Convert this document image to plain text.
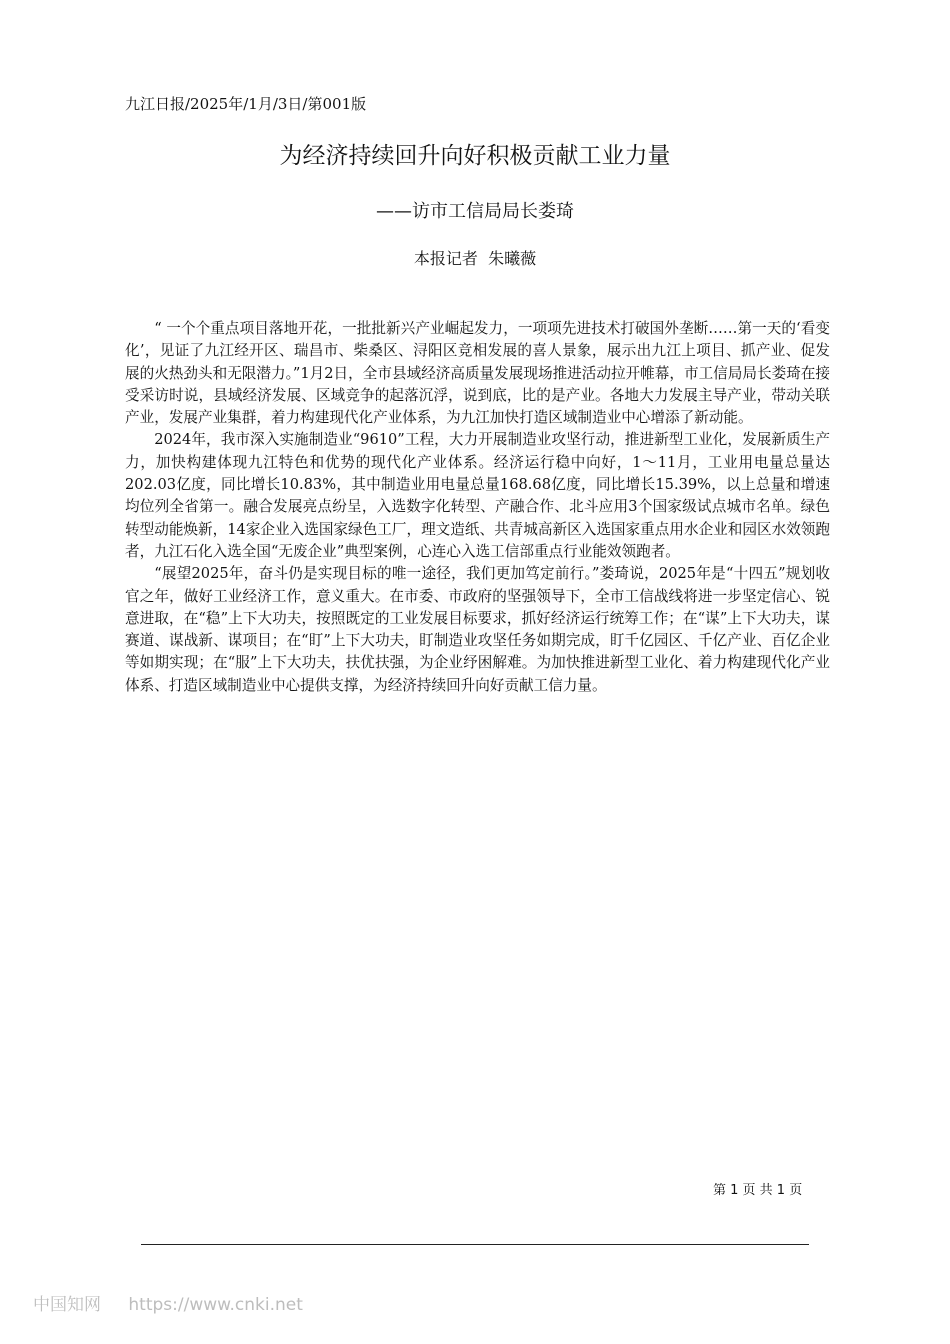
九江日报/2025年/1月/3日/第001版
为经济持续回升向好积极贡献工业力量
——访市工信局局长娄琦
本报记者  朱曦薇

“ 一个个重点项目落地开花，一批批新兴产业崛起发力，一项项先进技术打破国外垄断……第一天的‘看变化’，见证了九江经开区、瑞昌市、柴桑区、浔阳区竞相发展的喜人景象，展示出九江上项目、抓产业、促发展的火热劲头和无限潜力。”1月2日，全市县域经济高质量发展现场推进活动拉开帷幕，市工信局局长娄琦在接受采访时说，县域经济发展、区域竞争的起落沉浮，说到底，比的是产业。各地大力发展主导产业，带动关联产业，发展产业集群，着力构建现代化产业体系，为九江加快打造区域制造业中心增添了新动能。

2024年，我市深入实施制造业“9610”工程，大力开展制造业攻坚行动，推进新型工业化，发展新质生产力，加快构建体现九江特色和优势的现代化产业体系。经济运行稳中向好，1～11月，工业用电量总量达202.03亿度，同比增长10.83%，其中制造业用电量总量168.68亿度，同比增长15.39%，以上总量和增速均位列全省第一。融合发展亮点纷呈，入选数字化转型、产融合作、北斗应用3个国家级试点城市名单。绿色转型动能焕新，14家企业入选国家绿色工厂，理文造纸、共青城高新区入选国家重点用水企业和园区水效领跑者，九江石化入选全国“无废企业”典型案例，心连心入选工信部重点行业能效领跑者。

“展望2025年，奋斗仍是实现目标的唯一途径，我们更加笃定前行。”娄琦说，2025年是“十四五”规划收官之年，做好工业经济工作，意义重大。在市委、市政府的坚强领导下，全市工信战线将进一步坚定信心、锐意进取，在“稳”上下大功夫，按照既定的工业发展目标要求，抓好经济运行统筹工作；在“谋”上下大功夫，谋赛道、谋战新、谋项目；在“盯”上下大功夫，盯制造业攻坚任务如期完成，盯千亿园区、千亿产业、百亿企业等如期实现；在“服”上下大功夫，扶优扶强，为企业纾困解难。为加快推进新型工业化、着力构建现代化产业体系、打造区域制造业中心提供支撑，为经济持续回升向好贡献工信力量。

第 1 页 共 1 页
中国知网 https://www.cnki.net
